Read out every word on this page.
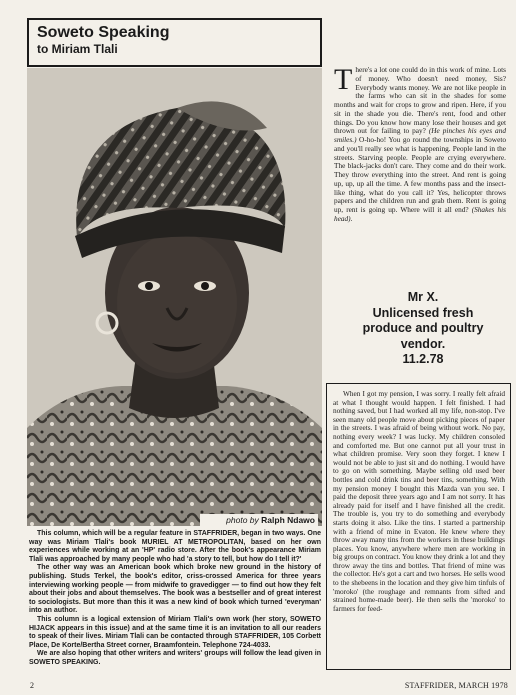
Soweto Speaking
to Miriam Tlali
photo by Ralph Ndawo

This column, which will be a regular feature in STAFFRIDER, began in two ways. One way was Miriam Tlali's book MURIEL AT METROPOLITAN, based on her own experiences while working at an 'HP' radio store. After the book's appearance Miriam Tlali was approached by many people who had 'a story to tell, but how do I tell it?'

The other way was an American book which broke new ground in the history of publishing. Studs Terkel, the book's editor, criss-crossed America for three years interviewing working people — from midwife to gravedigger — to find out how they felt about their jobs and about themselves. The book was a bestseller and of great interest to sociologists. But more than this it was a new kind of book which turned 'everyman' into an author.

This column is a logical extension of Miriam Tlali's own work (her story, SOWETO HIJACK appears in this issue) and at the same time it is an invitation to all our readers to speak of their lives. Miriam Tlali can be contacted through STAFFRIDER, 105 Corbett Place, De Korte/Bertha Street corner, Braamfontein. Telephone 724-4033.

We are also hoping that other writers and writers' groups will follow the lead given in SOWETO SPEAKING.

There's a lot one could do in this work of mine. Lots of money. Who doesn't need money, Sis? Everybody wants money. We are not like people in the farms who can sit in the shades for some months and wait for crops to grow and ripen. Here, if you sit in the shade you die. There's rent, food and other things. Do you know how many lose their houses and get thrown out for failing to pay? (He pinches his eyes and smiles.) O-ho-ho! You go round the townships in Soweto and you'll really see what is happening. People land in the streets. Starving people. People are crying everywhere. The black-jacks don't care. They come and do their work. They throw everything into the street. And rent is going up, up, up all the time. A few months pass and the insect-like thing, what do you call it? Yes, helicopter throws papers and the children run and grab them. Rent is going up, rent is going up. Where will it all end? (Shakes his head).
Mr X.
Unlicensed fresh
produce and poultry
vendor.
11.2.78

When I got my pension, I was sorry. I really felt afraid at what I thought would happen. I felt finished. I had nothing saved, but I had worked all my life, non-stop. I've seen many old people move about picking pieces of paper in the streets. I was afraid of being without work. No pay, nothing every week? I was lucky. My children consoled and comforted me. But one cannot put all your trust in what children promise. Very soon they forget. I knew I would not be able to just sit and do nothing. I would have to go on with something. Maybe selling old used beer bottles and cold drink tins and beer tins, something. With my pension money I bought this Mazda van you see. I paid the deposit three years ago and I am not sorry. It has already paid for itself and I have finished all the credit. The trouble is, you try to do something and everybody starts doing it also. Like the tins. I started a partnership with a friend of mine in Evaton. He knew where they throw away many tins from the workers in these buildings places. You know, anywhere where men are working in big groups on contract. You know they drink a lot and they throw away the tins and bottles. That friend of mine was the collector. He's got a cart and two horses. He sells wood to the shebeens in the location and they give him tinfuls of 'moroko' (the roughage and remnants from sifted and strained home-made beer). He then sells the 'moroko' to farmers for feed-

2	STAFFRIDER, MARCH 1978
